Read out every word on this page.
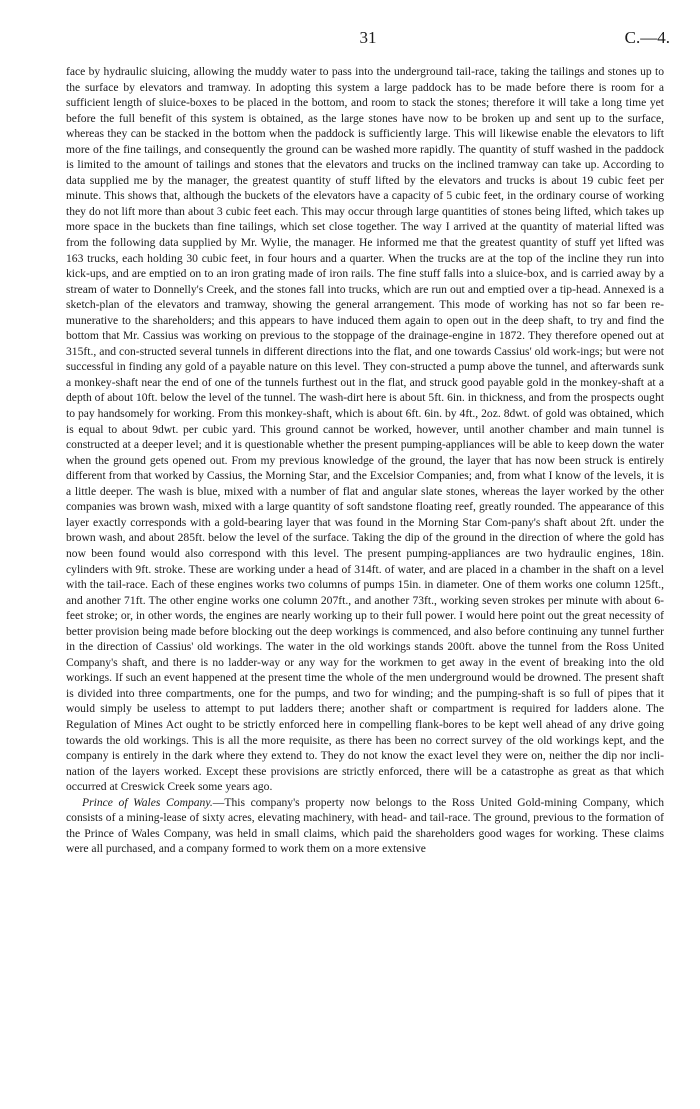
31	C.—4.

face by hydraulic sluicing, allowing the muddy water to pass into the underground tail-race, taking the tailings and stones up to the surface by elevators and tramway. In adopting this system a large paddock has to be made before there is room for a sufficient length of sluice-boxes to be placed in the bottom, and room to stack the stones; therefore it will take a long time yet before the full benefit of this system is obtained, as the large stones have now to be broken up and sent up to the surface, whereas they can be stacked in the bottom when the paddock is sufficiently large. This will likewise enable the elevators to lift more of the fine tailings, and consequently the ground can be washed more rapidly. The quantity of stuff washed in the paddock is limited to the amount of tailings and stones that the elevators and trucks on the inclined tramway can take up. According to data supplied me by the manager, the greatest quantity of stuff lifted by the elevators and trucks is about 19 cubic feet per minute. This shows that, although the buckets of the elevators have a capacity of 5 cubic feet, in the ordinary course of working they do not lift more than about 3 cubic feet each. This may occur through large quantities of stones being lifted, which takes up more space in the buckets than fine tailings, which set close together. The way I arrived at the quantity of material lifted was from the following data supplied by Mr. Wylie, the manager. He informed me that the greatest quantity of stuff yet lifted was 163 trucks, each holding 30 cubic feet, in four hours and a quarter. When the trucks are at the top of the incline they run into kick-ups, and are emptied on to an iron grating made of iron rails. The fine stuff falls into a sluice-box, and is carried away by a stream of water to Donnelly's Creek, and the stones fall into trucks, which are run out and emptied over a tip-head. Annexed is a sketch-plan of the elevators and tramway, showing the general arrangement. This mode of working has not so far been re-munerative to the shareholders; and this appears to have induced them again to open out in the deep shaft, to try and find the bottom that Mr. Cassius was working on previous to the stoppage of the drainage-engine in 1872. They therefore opened out at 315ft., and con-structed several tunnels in different directions into the flat, and one towards Cassius' old work-ings; but were not successful in finding any gold of a payable nature on this level. They con-structed a pump above the tunnel, and afterwards sunk a monkey-shaft near the end of one of the tunnels furthest out in the flat, and struck good payable gold in the monkey-shaft at a depth of about 10ft. below the level of the tunnel. The wash-dirt here is about 5ft. 6in. in thickness, and from the prospects ought to pay handsomely for working. From this monkey-shaft, which is about 6ft. 6in. by 4ft., 2oz. 8dwt. of gold was obtained, which is equal to about 9dwt. per cubic yard. This ground cannot be worked, however, until another chamber and main tunnel is constructed at a deeper level; and it is questionable whether the present pumping-appliances will be able to keep down the water when the ground gets opened out. From my previous knowledge of the ground, the layer that has now been struck is entirely different from that worked by Cassius, the Morning Star, and the Excelsior Companies; and, from what I know of the levels, it is a little deeper. The wash is blue, mixed with a number of flat and angular slate stones, whereas the layer worked by the other companies was brown wash, mixed with a large quantity of soft sandstone floating reef, greatly rounded. The appearance of this layer exactly corresponds with a gold-bearing layer that was found in the Morning Star Com-pany's shaft about 2ft. under the brown wash, and about 285ft. below the level of the surface. Taking the dip of the ground in the direction of where the gold has now been found would also correspond with this level. The present pumping-appliances are two hydraulic engines, 18in. cylinders with 9ft. stroke. These are working under a head of 314ft. of water, and are placed in a chamber in the shaft on a level with the tail-race. Each of these engines works two columns of pumps 15in. in diameter. One of them works one column 125ft., and another 71ft. The other engine works one column 207ft., and another 73ft., working seven strokes per minute with about 6-feet stroke; or, in other words, the engines are nearly working up to their full power. I would here point out the great necessity of better provision being made before blocking out the deep workings is commenced, and also before continuing any tunnel further in the direction of Cassius' old workings. The water in the old workings stands 200ft. above the tunnel from the Ross United Company's shaft, and there is no ladder-way or any way for the workmen to get away in the event of breaking into the old workings. If such an event happened at the present time the whole of the men underground would be drowned. The present shaft is divided into three compartments, one for the pumps, and two for winding; and the pumping-shaft is so full of pipes that it would simply be useless to attempt to put ladders there; another shaft or compartment is required for ladders alone. The Regulation of Mines Act ought to be strictly enforced here in compelling flank-bores to be kept well ahead of any drive going towards the old workings. This is all the more requisite, as there has been no correct survey of the old workings kept, and the company is entirely in the dark where they extend to. They do not know the exact level they were on, neither the dip nor incli-nation of the layers worked. Except these provisions are strictly enforced, there will be a catastrophe as great as that which occurred at Creswick Creek some years ago.

Prince of Wales Company.—This company's property now belongs to the Ross United Gold-mining Company, which consists of a mining-lease of sixty acres, elevating machinery, with head- and tail-race. The ground, previous to the formation of the Prince of Wales Company, was held in small claims, which paid the shareholders good wages for working. These claims were all purchased, and a company formed to work them on a more extensive
